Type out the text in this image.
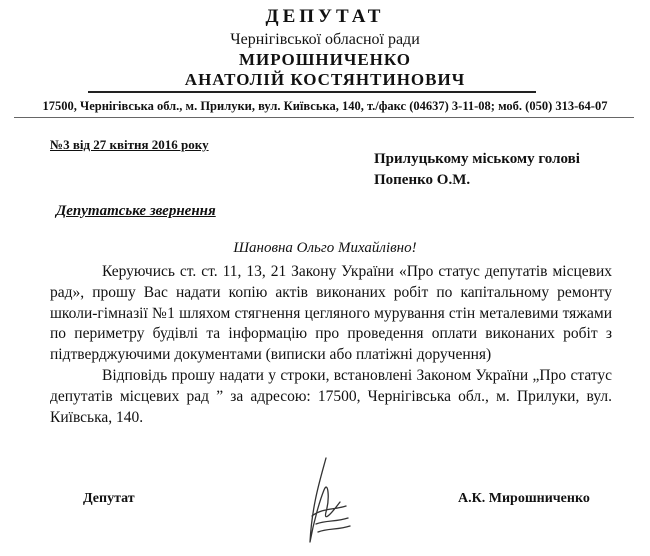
ДЕПУТАТ
Чернігівської обласної ради
МИРОШНИЧЕНКО
АНАТОЛІЙ КОСТЯНТИНОВИЧ
17500, Чернігівська обл., м. Прилуки, вул. Київська, 140, т./факс (04637) 3-11-08; моб. (050) 313-64-07
№3 від 27 квітня 2016 року
Прилуцькому міському голові
Попенко О.М.
Депутатське звернення
Шановна Ольго Михайлівно!

Керуючись ст. ст. 11, 13, 21 Закону України «Про статус депутатів місцевих рад», прошу Вас надати копію актів виконаних робіт по капітальному ремонту школи-гімназії №1 шляхом стягнення цегляного мурування стін металевими тяжами по периметру будівлі та інформацію про проведення оплати виконаних робіт з підтверджуючими документами (виписки або платіжні доручення)

Відповідь прошу надати у строки, встановлені Законом України „Про статус депутатів місцевих рад ” за адресою: 17500, Чернігівська обл., м. Прилуки, вул. Київська, 140.

Депутат	А.К. Мирошниченко
